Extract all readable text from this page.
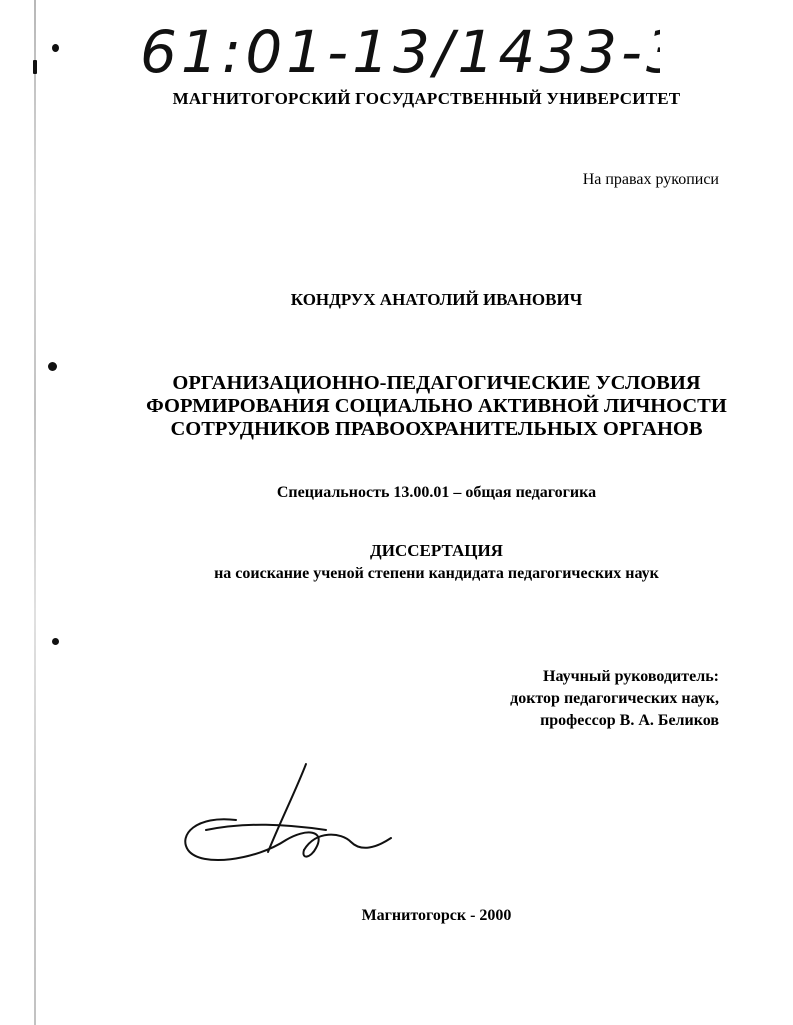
61:01-13/1433-3
МАГНИТОГОРСКИЙ ГОСУДАРСТВЕННЫЙ УНИВЕРСИТЕТ
На правах рукописи
КОНДРУХ АНАТОЛИЙ ИВАНОВИЧ
ОРГАНИЗАЦИОННО-ПЕДАГОГИЧЕСКИЕ УСЛОВИЯ
ФОРМИРОВАНИЯ СОЦИАЛЬНО АКТИВНОЙ ЛИЧНОСТИ
СОТРУДНИКОВ ПРАВООХРАНИТЕЛЬНЫХ ОРГАНОВ
Специальность 13.00.01 – общая педагогика
ДИССЕРТАЦИЯ
на соискание ученой степени кандидата педагогических наук
Научный руководитель:
доктор педагогических наук,
профессор В. А. Беликов
Магнитогорск - 2000
